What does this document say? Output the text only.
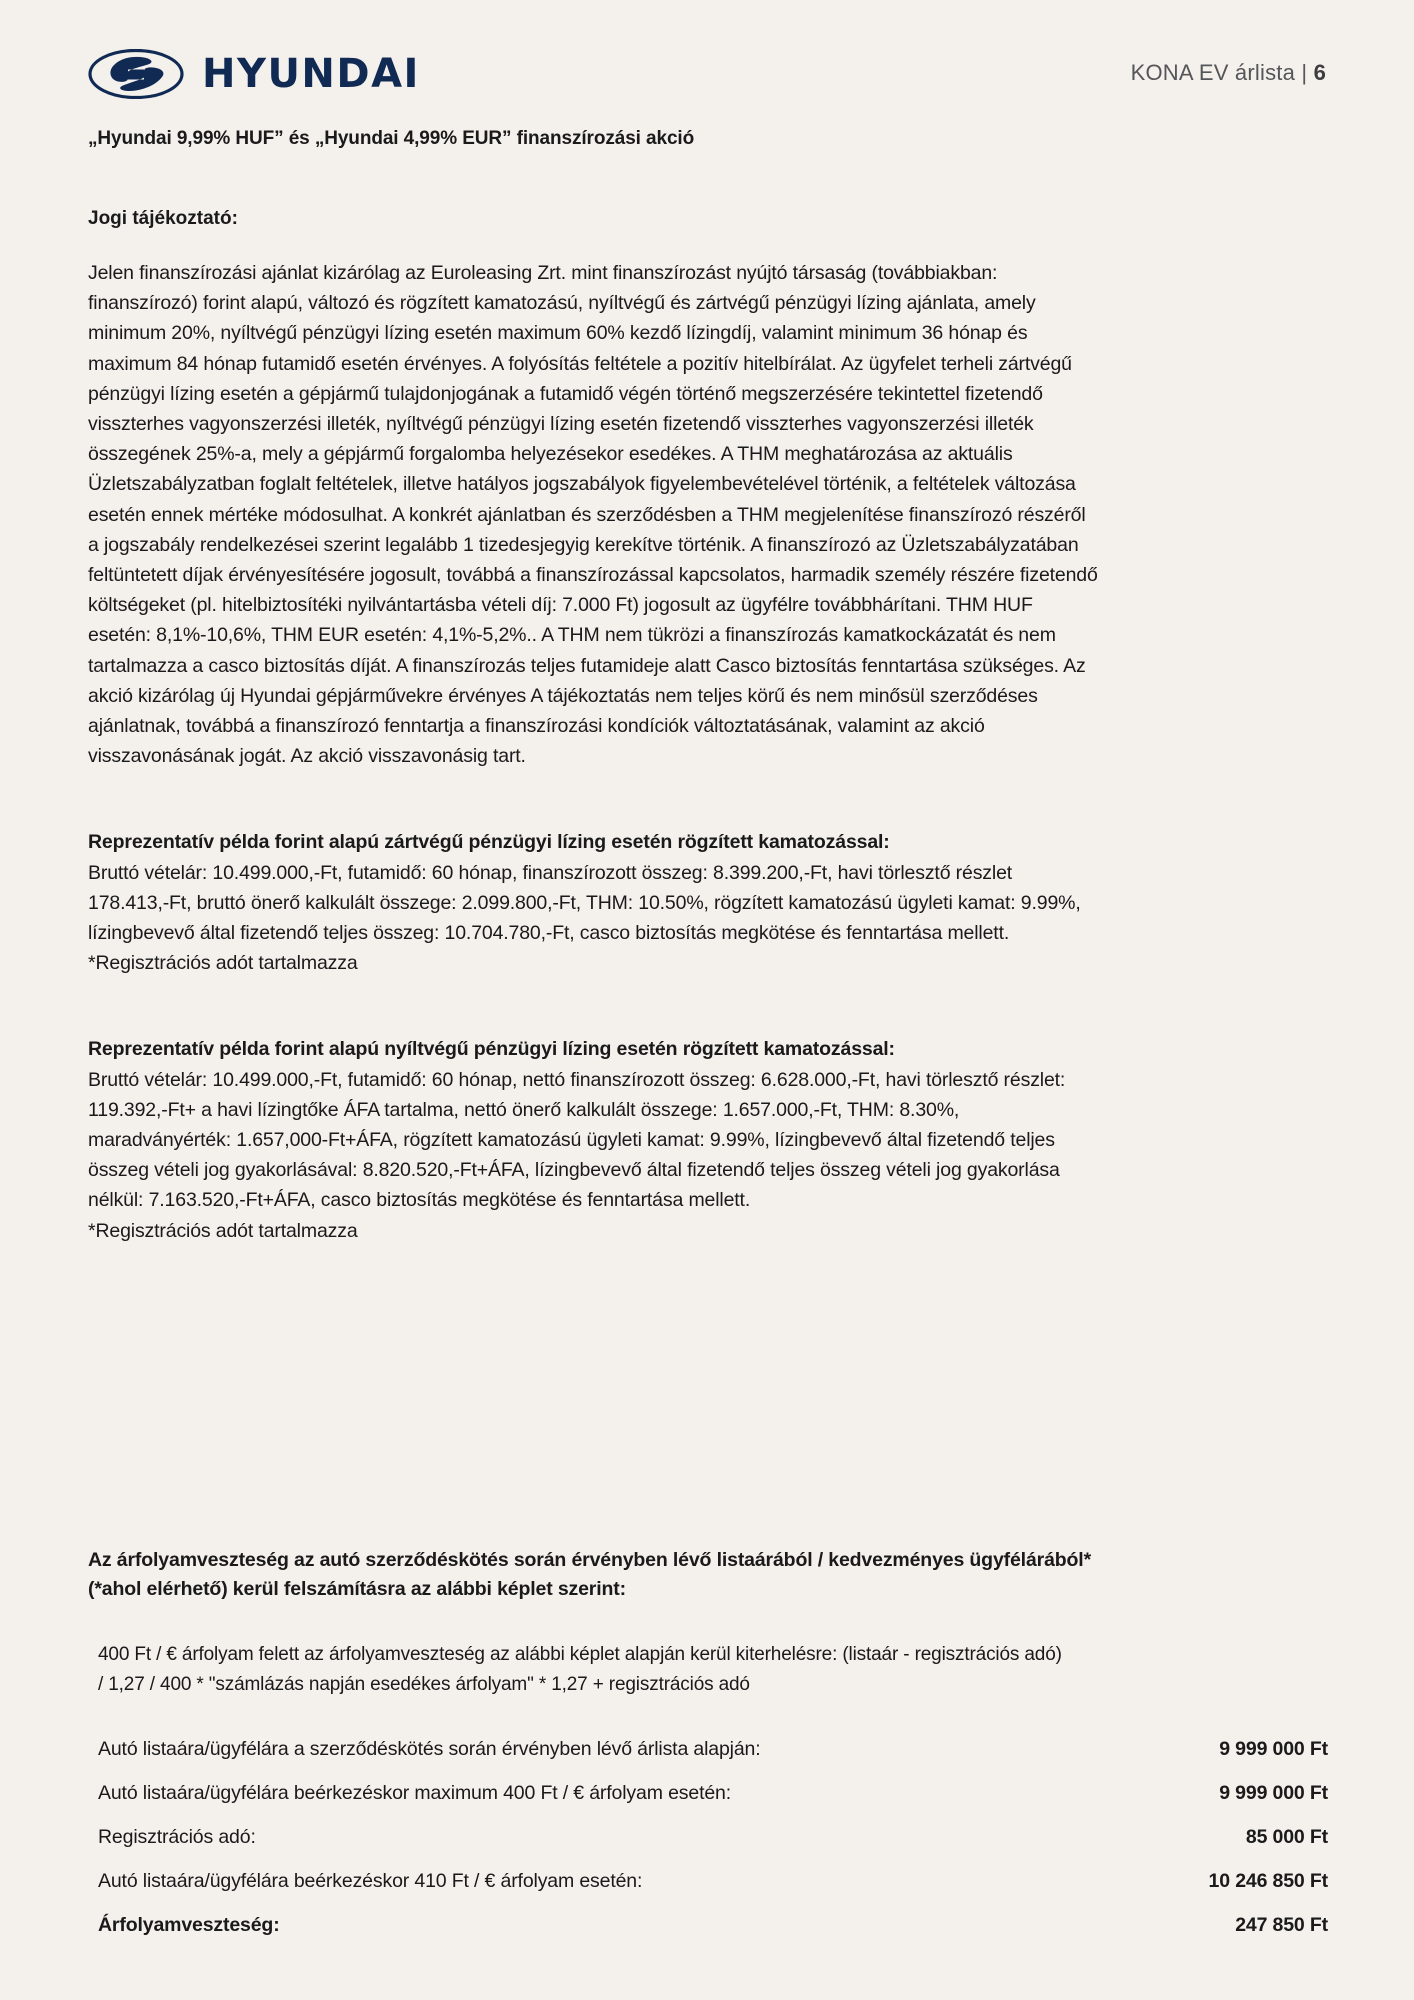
HYUNDAI	KONA EV árlista | 6
„Hyundai 9,99% HUF” és „Hyundai 4,99% EUR” finanszírozási akció
Jogi tájékoztató:
Jelen finanszírozási ajánlat kizárólag az Euroleasing Zrt. mint finanszírozást nyújtó társaság (továbbiakban: finanszírozó) forint alapú, változó és rögzített kamatozású, nyíltvégű és zártvégű pénzügyi lízing ajánlata, amely minimum 20%, nyíltvégű pénzügyi lízing esetén maximum 60% kezdő lízingdíj, valamint minimum 36 hónap és maximum 84 hónap futamidő esetén érvényes. A folyósítás feltétele a pozitív hitelbírálat. Az ügyfelet terheli zártvégű pénzügyi lízing esetén a gépjármű tulajdonjogának a futamidő végén történő megszerzésére tekintettel fizetendő visszterhes vagyonszerzési illeték, nyíltvégű pénzügyi lízing esetén fizetendő visszterhes vagyonszerzési illeték összegének 25%-a, mely a gépjármű forgalomba helyezésekor esedékes. A THM meghatározása az aktuális Üzletszabályzatban foglalt feltételek, illetve hatályos jogszabályok figyelembevételével történik, a feltételek változása esetén ennek mértéke módosulhat. A konkrét ajánlatban és szerződésben a THM megjelenítése finanszírozó részéről a jogszabály rendelkezései szerint legalább 1 tizedesjegyig kerekítve történik. A finanszírozó az Üzletszabályzatában feltüntetett díjak érvényesítésére jogosult, továbbá a finanszírozással kapcsolatos, harmadik személy részére fizetendő költségeket (pl. hitelbiztosítéki nyilvántartásba vételi díj: 7.000 Ft) jogosult az ügyfélre továbbhárítani. THM HUF esetén: 8,1%-10,6%, THM EUR esetén: 4,1%-5,2%.. A THM nem tükrözi a finanszírozás kamatkockázatát és nem tartalmazza a casco biztosítás díját. A finanszírozás teljes futamideje alatt Casco biztosítás fenntartása szükséges. Az akció kizárólag új Hyundai gépjárművekre érvényes A tájékoztatás nem teljes körű és nem minősül szerződéses ajánlatnak, továbbá a finanszírozó fenntartja a finanszírozási kondíciók változtatásának, valamint az akció visszavonásának jogát. Az akció visszavonásig tart.
Reprezentatív példa forint alapú zártvégű pénzügyi lízing esetén rögzített kamatozással:
Bruttó vételár: 10.499.000,-Ft, futamidő: 60 hónap, finanszírozott összeg: 8.399.200,-Ft, havi törlesztő részlet 178.413,-Ft, bruttó önerő kalkulált összege: 2.099.800,-Ft, THM: 10.50%, rögzített kamatozású ügyleti kamat: 9.99%, lízingbevevő által fizetendő teljes összeg: 10.704.780,-Ft, casco biztosítás megkötése és fenntartása mellett.
*Regisztrációs adót tartalmazza
Reprezentatív példa forint alapú nyíltvégű pénzügyi lízing esetén rögzített kamatozással:
Bruttó vételár: 10.499.000,-Ft, futamidő: 60 hónap, nettó finanszírozott összeg: 6.628.000,-Ft, havi törlesztő részlet: 119.392,-Ft+ a havi lízingtőke ÁFA tartalma, nettó önerő kalkulált összege: 1.657.000,-Ft, THM: 8.30%, maradványérték: 1.657,000-Ft+ÁFA, rögzített kamatozású ügyleti kamat: 9.99%, lízingbevevő által fizetendő teljes összeg vételi jog gyakorlásával: 8.820.520,-Ft+ÁFA, lízingbevevő által fizetendő teljes összeg vételi jog gyakorlása nélkül: 7.163.520,-Ft+ÁFA, casco biztosítás megkötése és fenntartása mellett.
*Regisztrációs adót tartalmazza
Az árfolyamveszteség az autó szerződéskötés során érvényben lévő listaárából / kedvezményes ügyfélárából*
(*ahol elérhető) kerül felszámításra az alábbi képlet szerint:
400 Ft / € árfolyam felett az árfolyamveszteség az alábbi képlet alapján kerül kiterhelésre: (listaár - regisztrációs adó)
/ 1,27 / 400 * "számlázás napján esedékes árfolyam" * 1,27 + regisztrációs adó
Autó listaára/ügyfélára a szerződéskötés során érvényben lévő árlista alapján:	9 999 000 Ft
Autó listaára/ügyfélára beérkezéskor maximum 400 Ft / € árfolyam esetén:	9 999 000 Ft
Regisztrációs adó:	85 000 Ft
Autó listaára/ügyfélára beérkezéskor 410 Ft / € árfolyam esetén:	10 246 850 Ft
Árfolyamveszteség:	247 850 Ft
